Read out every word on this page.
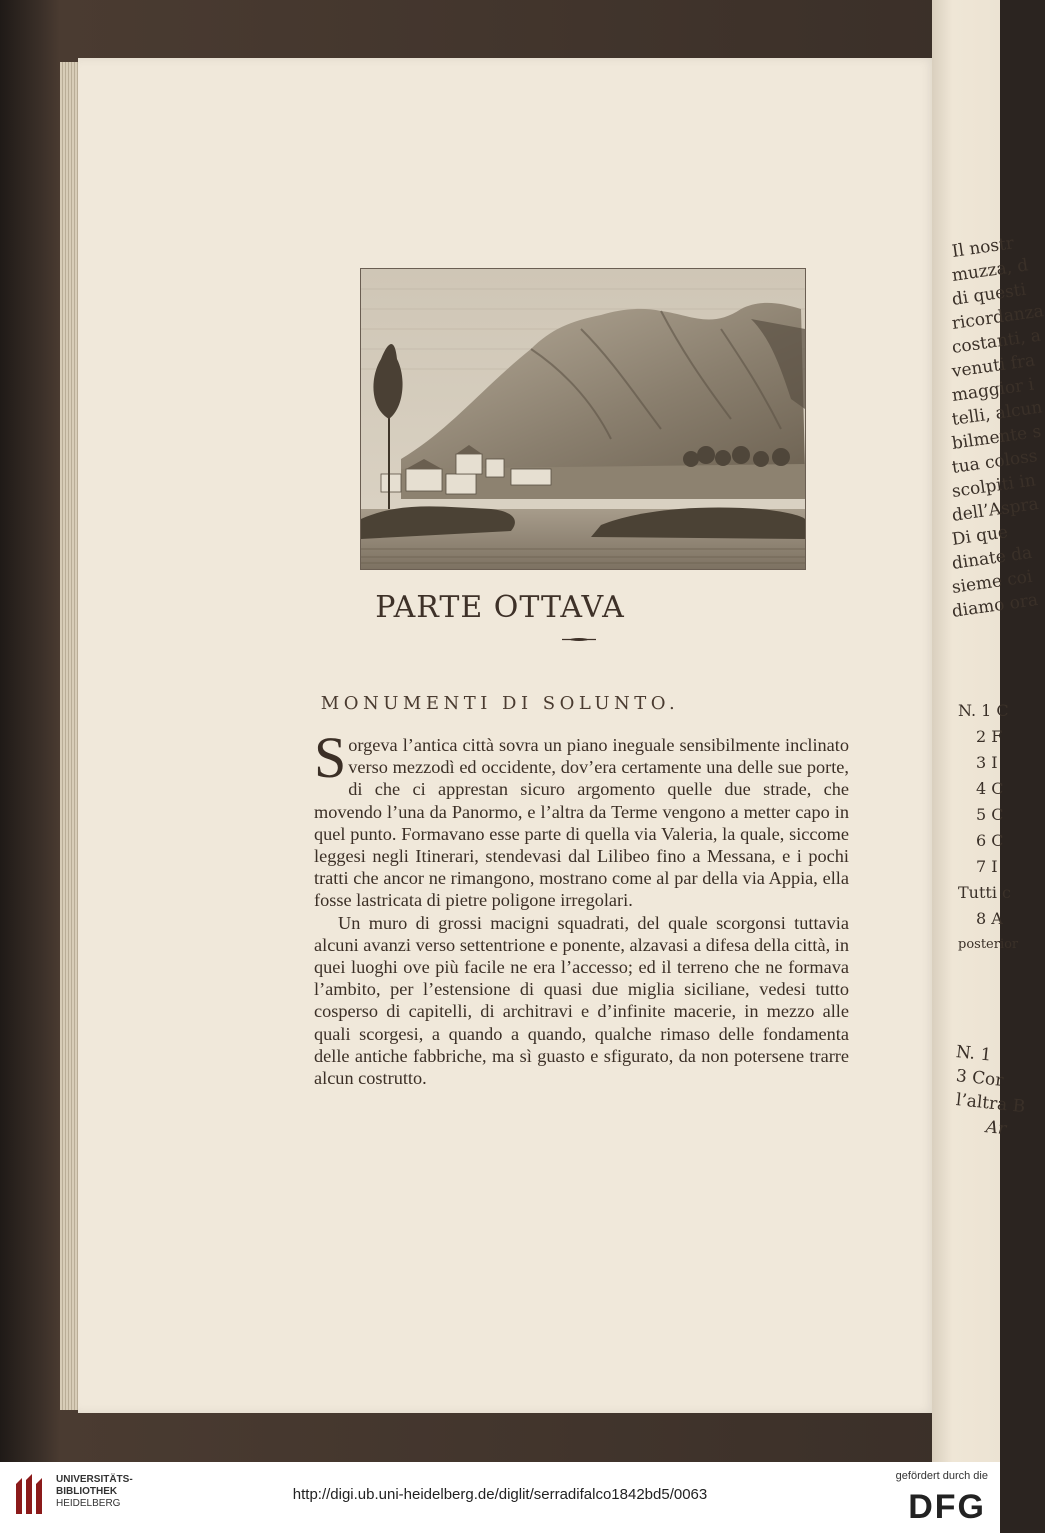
Il nostr
muzza, d
di questi
ricordanza
costanti, a
venuti fra
maggior i
telli, alcun
bilmente s
tua coloss
scolpiti in
dell’Aspra
Di que
dinate da
sieme coi
diamo ora
N. 1 C
2 F
3 I
4 C
5 C
6 C
7 I
Tutti c
8 A
posterior
N. 1
3 Cor
l’altra B
Ar
PARTE OTTAVA
MONUMENTI DI SOLUNTO.

Sorgeva l’antica città sovra un piano ineguale sensibilmente inclinato verso mezzodì ed occidente, dov’era certamente una delle sue porte, di che ci apprestan sicuro argomento quelle due strade, che movendo l’una da Panormo, e l’altra da Terme vengono a metter capo in quel punto. Formavano esse parte di quella via Valeria, la quale, siccome leggesi negli Itinerari, stendevasi dal Lilibeo fino a Messana, e i pochi tratti che ancor ne rimangono, mostrano come al par della via Appia, ella fosse lastricata di pietre poligone irregolari.

Un muro di grossi macigni squadrati, del quale scorgonsi tuttavia alcuni avanzi verso settentrione e ponente, alzavasi a difesa della città, in quei luoghi ove più facile ne era l’accesso; ed il terreno che ne formava l’ambito, per l’estensione di quasi due miglia siciliane, vedesi tutto cosperso di capitelli, di architravi e d’infinite macerie, in mezzo alle quali scorgesi, a quando a quando, qualche rimaso delle fondamenta delle antiche fabbriche, ma sì guasto e sfigurato, da non potersene trarre alcun costrutto.

UNIVERSITÄTS-
BIBLIOTHEK
HEIDELBERG
http://digi.ub.uni-heidelberg.de/diglit/serradifalco1842bd5/0063
gefördert durch die
DFG
